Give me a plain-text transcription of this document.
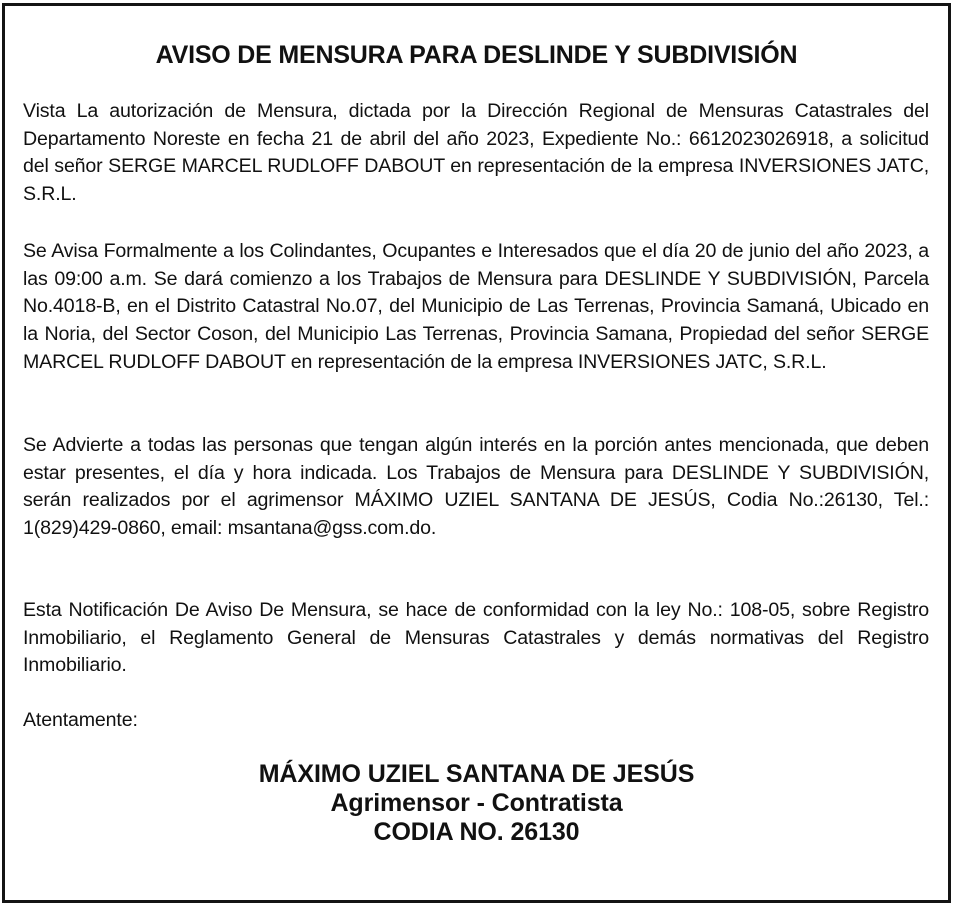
AVISO DE MENSURA PARA DESLINDE Y SUBDIVISIÓN

Vista La autorización de Mensura, dictada por la Dirección Regional de Mensuras Catastrales del Departamento Noreste en fecha 21 de abril del año 2023, Expediente No.: 6612023026918, a solicitud del señor SERGE MARCEL RUDLOFF DABOUT en representación de la empresa INVERSIONES JATC, S.R.L.

Se Avisa Formalmente a los Colindantes, Ocupantes e Interesados que el día 20 de junio del año 2023, a las 09:00 a.m. Se dará comienzo a los Trabajos de Mensura para DESLINDE Y SUBDIVISIÓN, Parcela No.4018-B, en el Distrito Catastral No.07, del Municipio de Las Terrenas, Provincia Samaná, Ubicado en la Noria, del Sector Coson, del Municipio Las Terrenas, Provincia Samana, Propiedad del señor SERGE MARCEL RUDLOFF DABOUT en representación de la empresa INVERSIONES JATC, S.R.L.

Se Advierte a todas las personas que tengan algún interés en la porción antes mencionada, que deben estar presentes, el día y hora indicada. Los Trabajos de Mensura para DESLINDE Y SUBDIVISIÓN, serán realizados por el agrimensor MÁXIMO UZIEL SANTANA DE JESÚS, Codia No.:26130, Tel.: 1(829)429-0860, email: msantana@gss.com.do.

Esta Notificación De Aviso De Mensura, se hace de conformidad con la ley No.: 108-05, sobre Registro Inmobiliario, el Reglamento General de Mensuras Catastrales y demás normativas del Registro Inmobiliario.

Atentamente:
MÁXIMO UZIEL SANTANA DE JESÚS
Agrimensor - Contratista
CODIA NO. 26130
